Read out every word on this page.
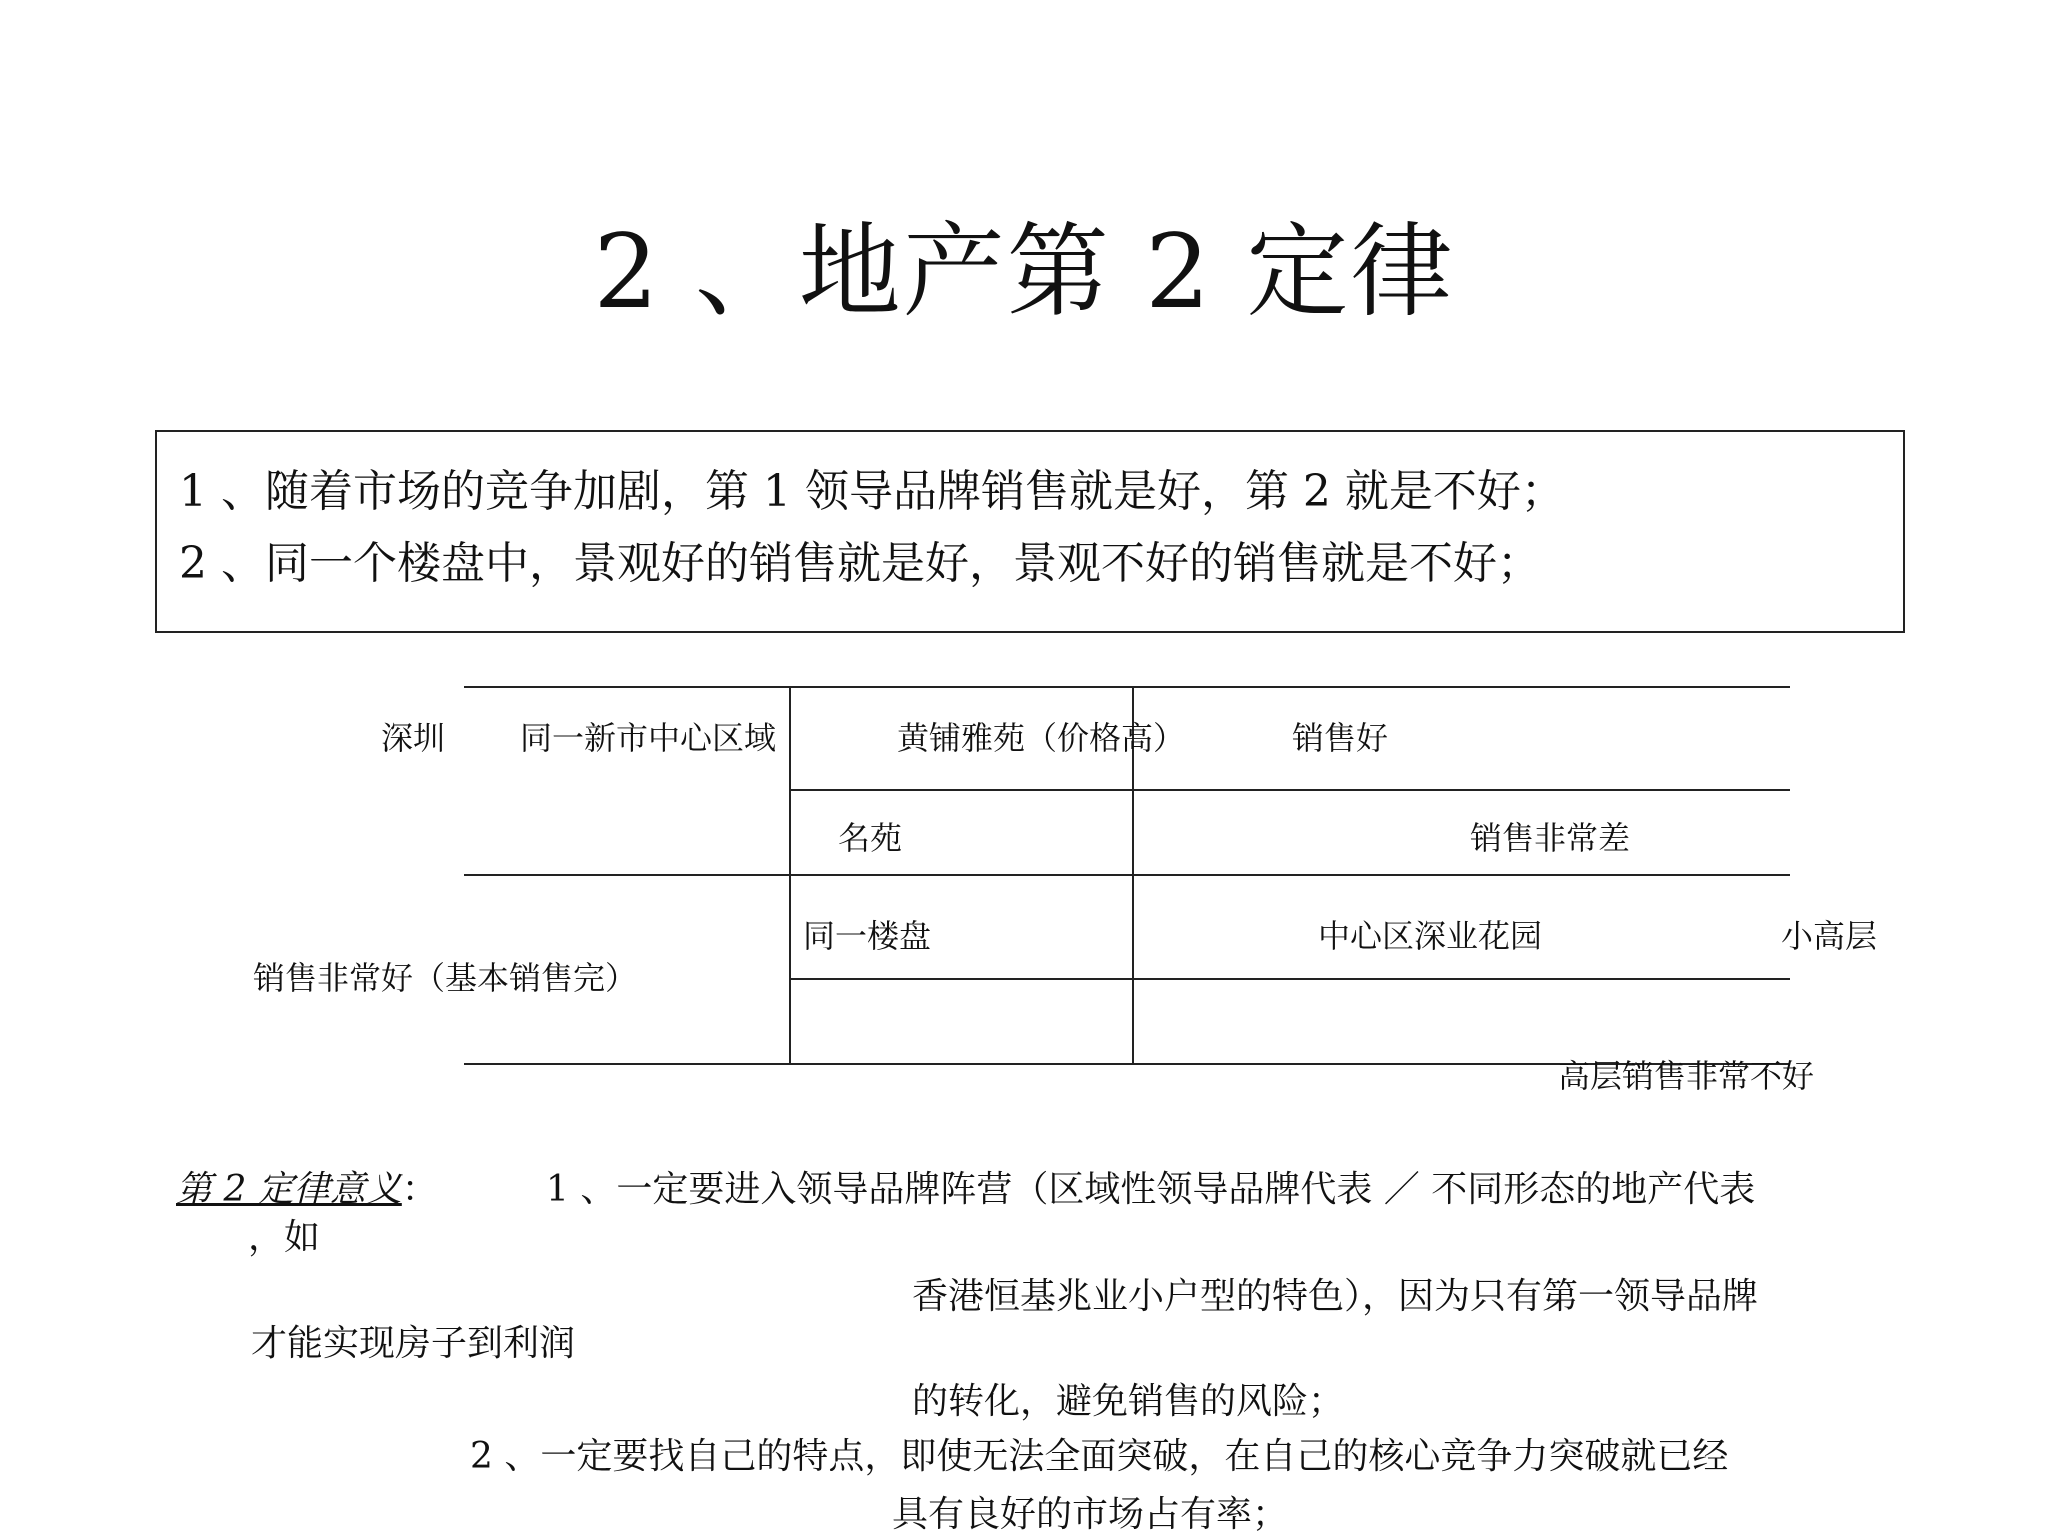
2 、地产第 2 定律
1 、随着市场的竞争加剧，第 1 领导品牌销售就是好，第 2 就是不好；
2 、同一个楼盘中，景观好的销售就是好，景观不好的销售就是不好；
深圳 同一新市中心区域	黄铺雅苑（价格高）	销售好
名苑	销售非常差
同一楼盘	中心区深业花园	小高层
销售非常好（基本销售完）
高层销售非常不好
第 2 定律意义：	1 、一定要进入领导品牌阵营（区域性领导品牌代表 ／ 不同形态的地产代表
，如
香港恒基兆业小户型的特色），因为只有第一领导品牌
才能实现房子到利润
的转化，避免销售的风险；
2 、一定要找自己的特点，即使无法全面突破，在自己的核心竞争力突破就已经
具有良好的市场占有率；
